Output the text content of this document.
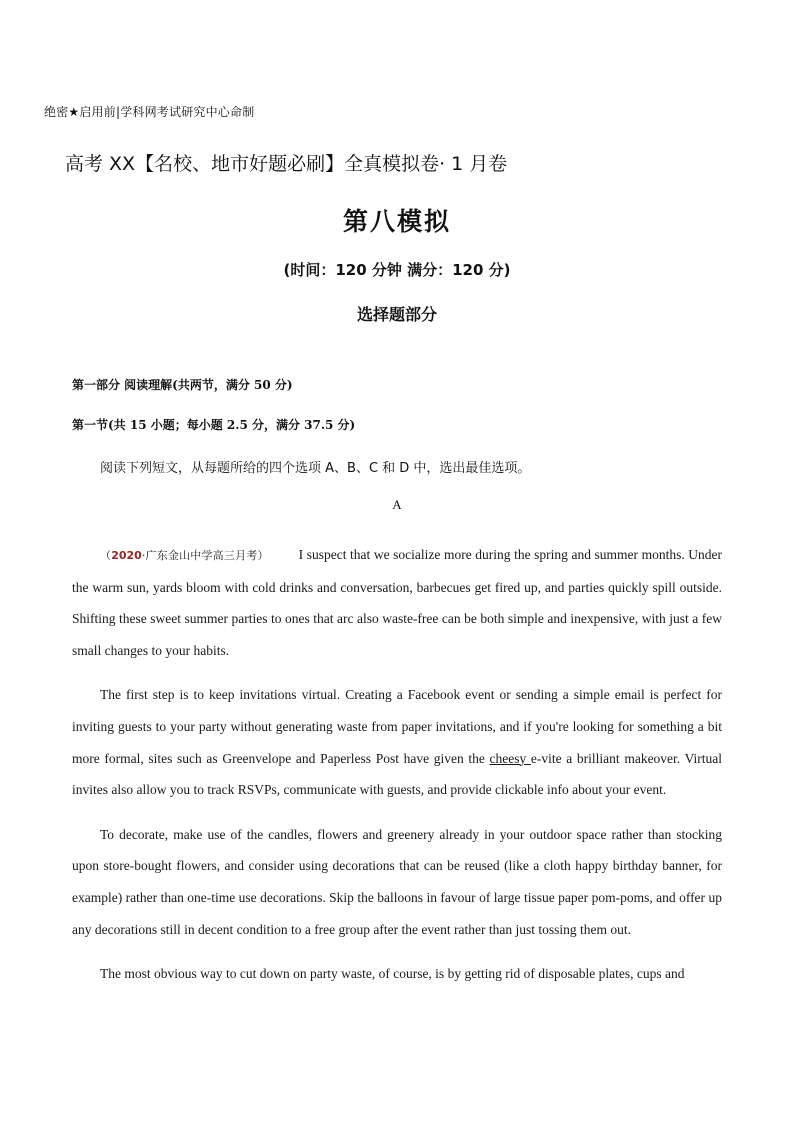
绝密★启用前|学科网考试研究中心命制
高考 XX【名校、地市好题必刷】全真模拟卷· 1 月卷
第八模拟
(时间：120 分钟 满分：120 分)
选择题部分
第一部分 阅读理解(共两节，满分 50 分)
第一节(共 15 小题；每小题 2.5 分，满分 37.5 分)
阅读下列短文，从每题所给的四个选项 A、B、C 和 D 中，选出最佳选项。
A

（2020·广东金山中学高三月考） I suspect that we socialize more during the spring and summer months. Under the warm sun, yards bloom with cold drinks and conversation, barbecues get fired up, and parties quickly spill outside. Shifting these sweet summer parties to ones that arc also waste-free can be both simple and inexpensive, with just a few small changes to your habits.

The first step is to keep invitations virtual. Creating a Facebook event or sending a simple email is perfect for inviting guests to your party without generating waste from paper invitations, and if you're looking for something a bit more formal, sites such as Greenvelope and Paperless Post have given the cheesy e-vite a brilliant makeover. Virtual invites also allow you to track RSVPs, communicate with guests, and provide clickable info about your event.

To decorate, make use of the candles, flowers and greenery already in your outdoor space rather than stocking upon store-bought flowers, and consider using decorations that can be reused (like a cloth happy birthday banner, for example) rather than one-time use decorations. Skip the balloons in favour of large tissue paper pom-poms, and offer up any decorations still in decent condition to a free group after the event rather than just tossing them out.

The most obvious way to cut down on party waste, of course, is by getting rid of disposable plates, cups and
